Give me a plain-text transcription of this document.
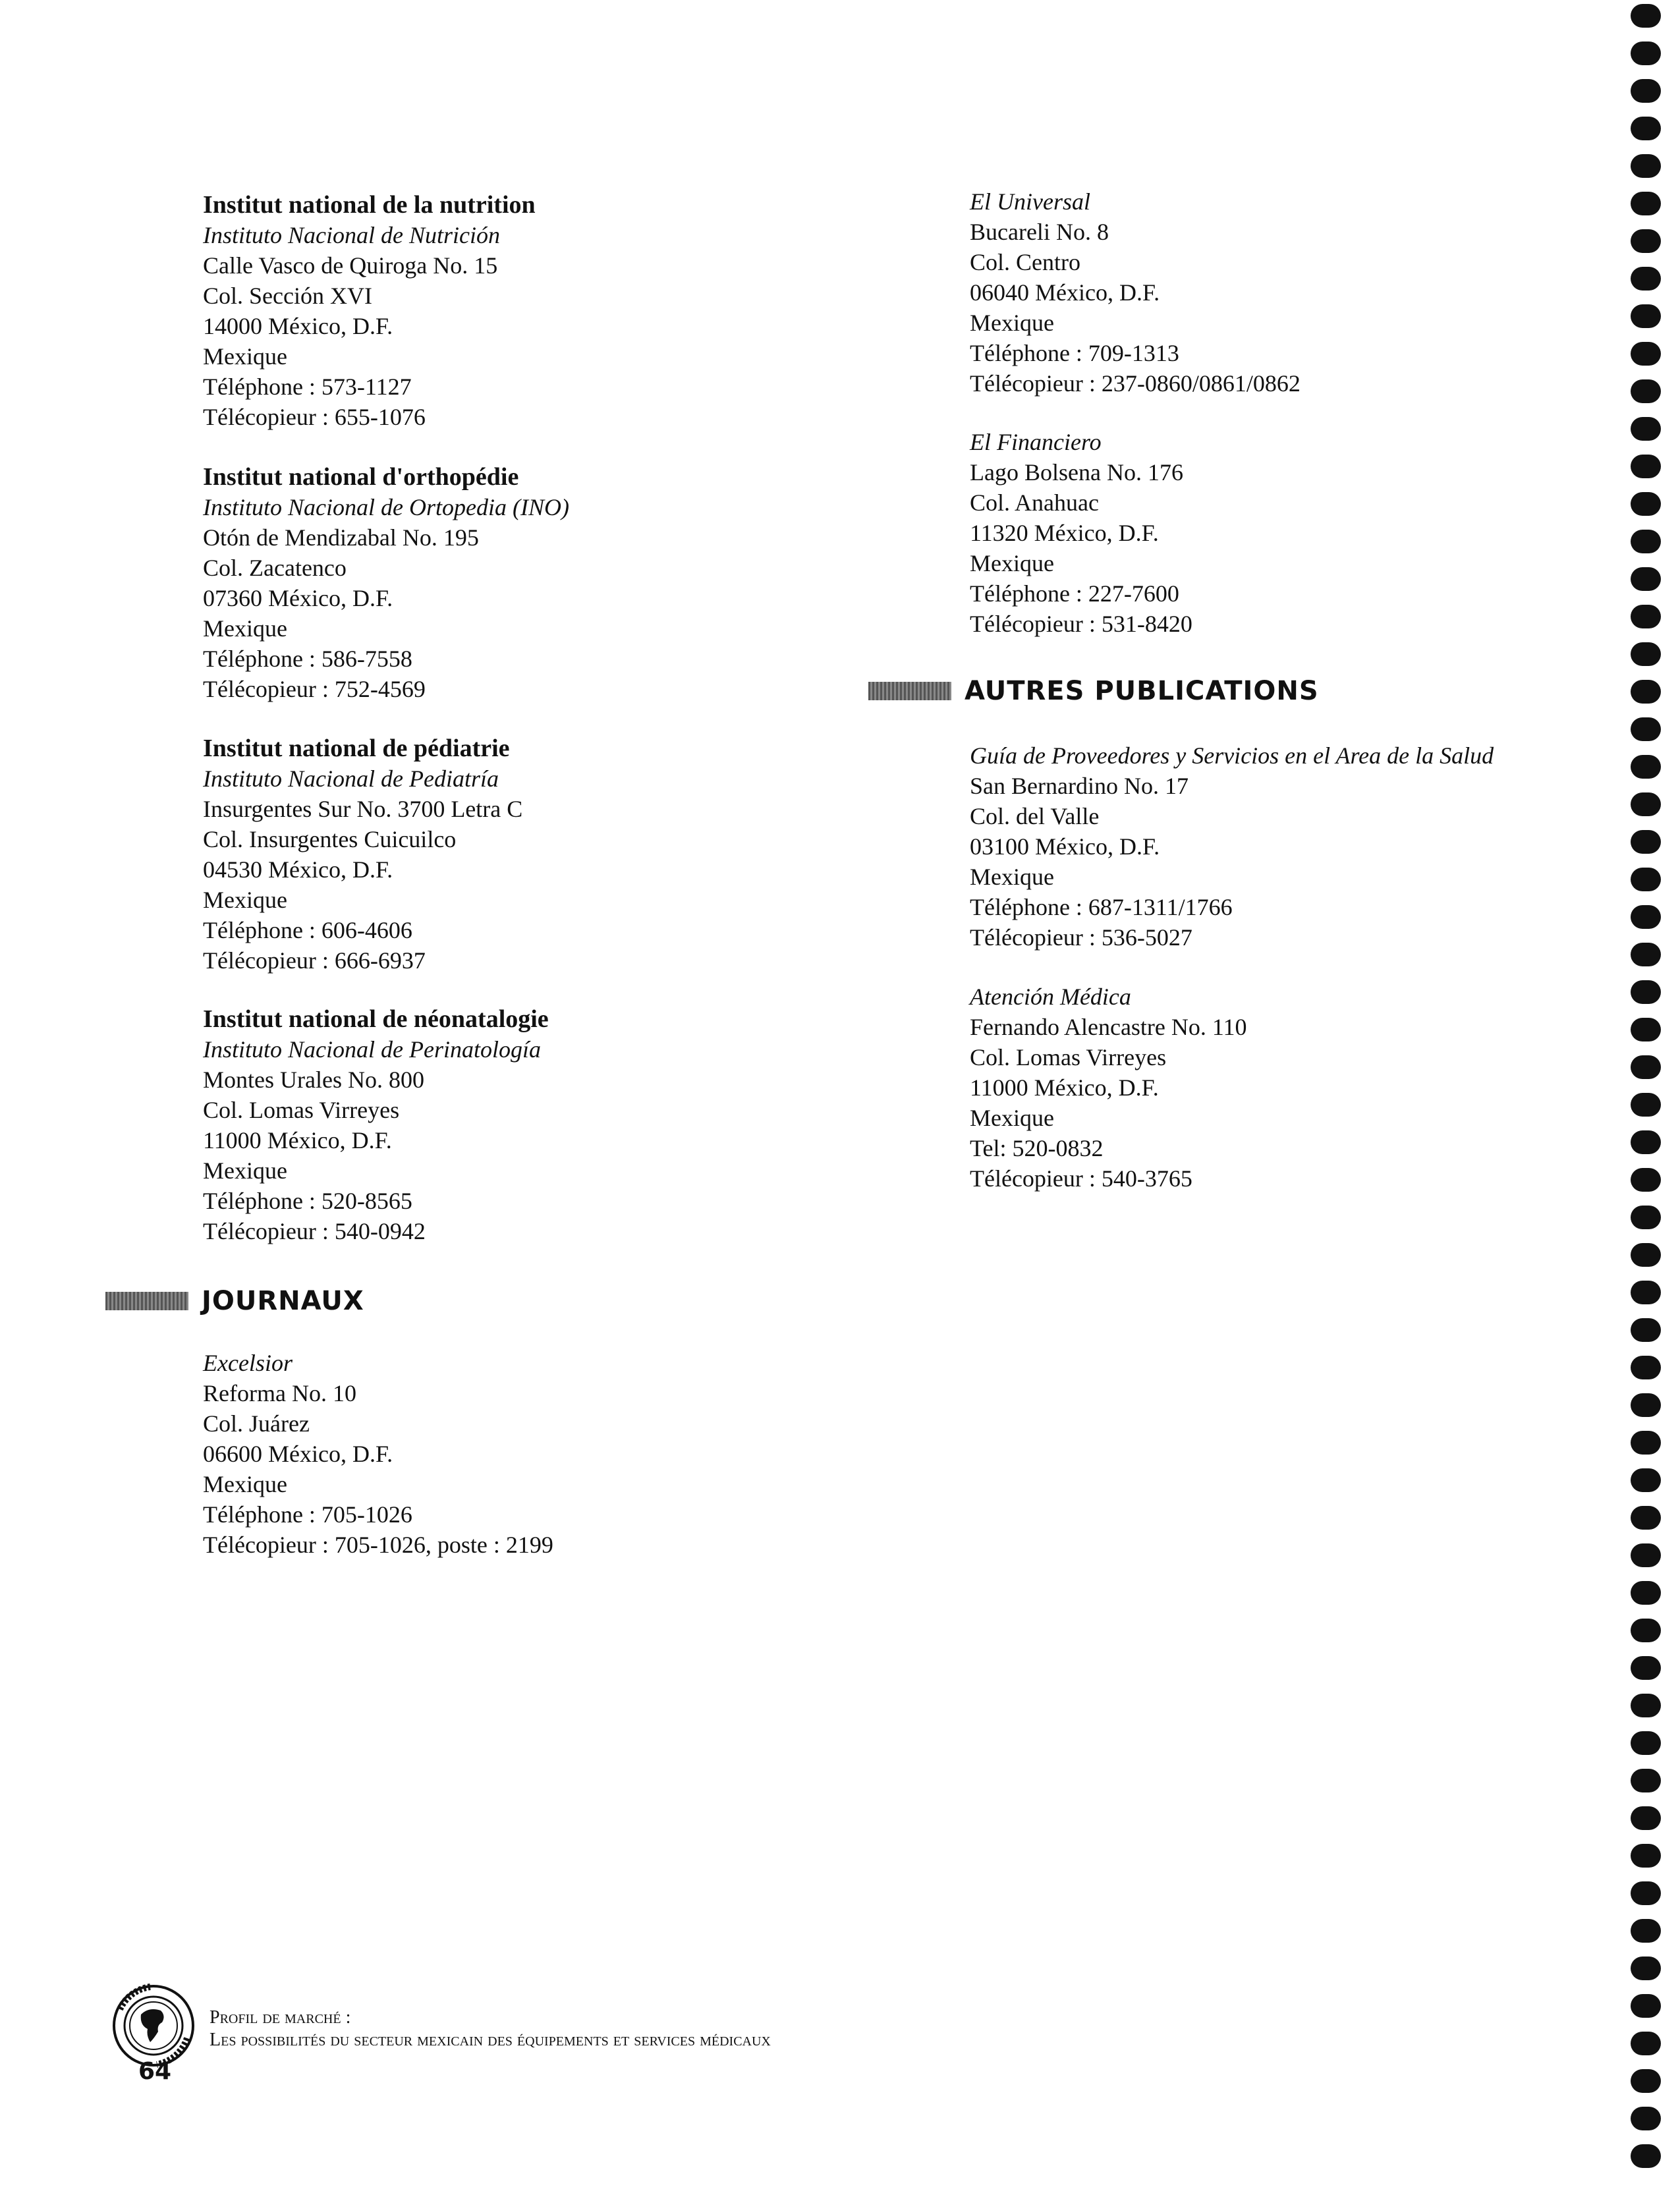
Institut national de la nutrition
Instituto Nacional de Nutrición
Calle Vasco de Quiroga No. 15
Col. Sección XVI
14000 México, D.F.
Mexique
Téléphone : 573-1127
Télécopieur : 655-1076
Institut national d'orthopédie
Instituto Nacional de Ortopedia (INO)
Otón de Mendizabal No. 195
Col. Zacatenco
07360 México, D.F.
Mexique
Téléphone : 586-7558
Télécopieur : 752-4569
Institut national de pédiatrie
Instituto Nacional de Pediatría
Insurgentes Sur No. 3700 Letra C
Col. Insurgentes Cuicuilco
04530 México, D.F.
Mexique
Téléphone : 606-4606
Télécopieur : 666-6937
Institut national de néonatalogie
Instituto Nacional de Perinatología
Montes Urales No. 800
Col. Lomas Virreyes
11000 México, D.F.
Mexique
Téléphone : 520-8565
Télécopieur : 540-0942
JOURNAUX
Excelsior
Reforma No. 10
Col. Juárez
06600 México, D.F.
Mexique
Téléphone : 705-1026
Télécopieur : 705-1026, poste : 2199
El Universal
Bucareli No. 8
Col. Centro
06040 México, D.F.
Mexique
Téléphone : 709-1313
Télécopieur : 237-0860/0861/0862
El Financiero
Lago Bolsena No. 176
Col. Anahuac
11320 México, D.F.
Mexique
Téléphone : 227-7600
Télécopieur : 531-8420
AUTRES PUBLICATIONS
Guía de Proveedores y Servicios en el Area de la Salud
San Bernardino No. 17
Col. del Valle
03100 México, D.F.
Mexique
Téléphone : 687-1311/1766
Télécopieur : 536-5027
Atención Médica
Fernando Alencastre No. 110
Col. Lomas Virreyes
11000 México, D.F.
Mexique
Tel: 520-0832
Télécopieur : 540-3765
Profil de marché :
Les possibilités du secteur mexicain des équipements et services médicaux
64
